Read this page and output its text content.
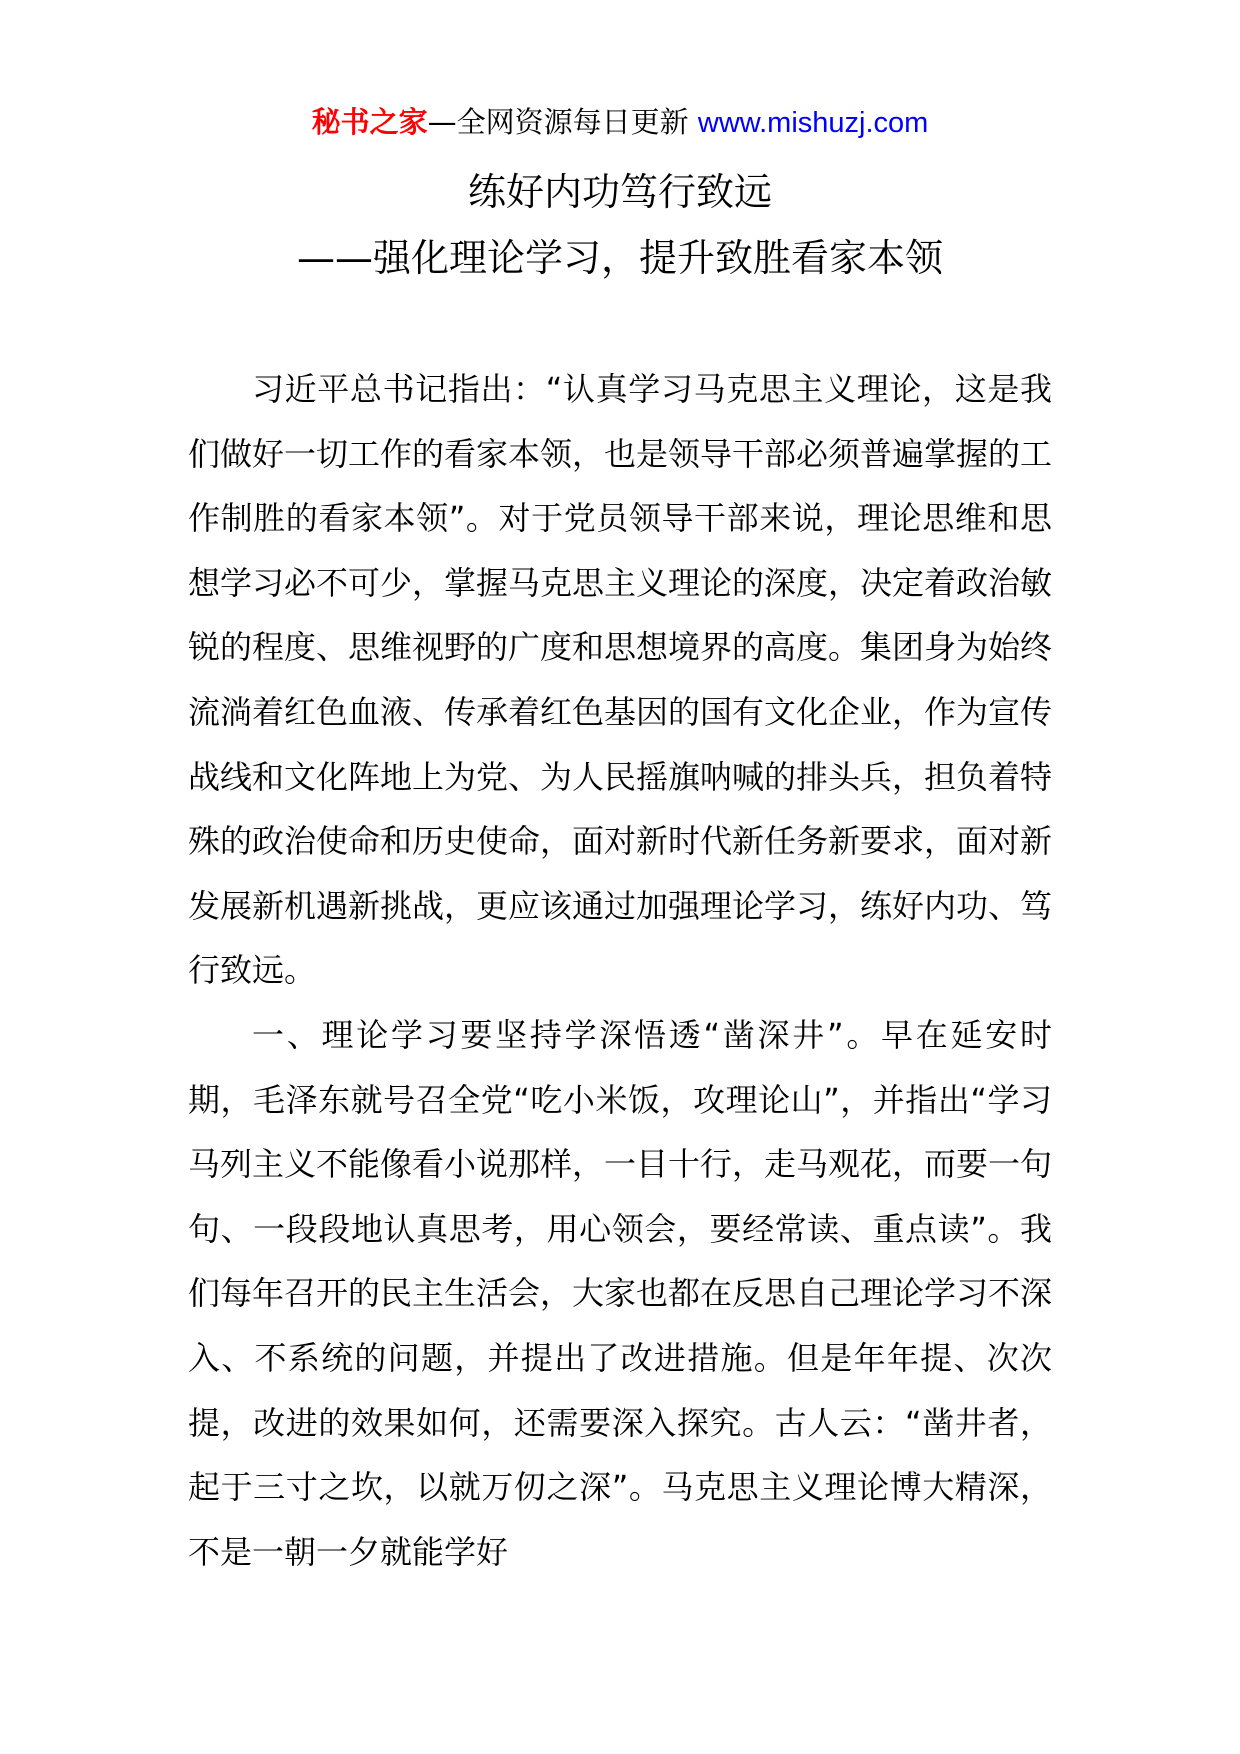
秘书之家—全网资源每日更新 www.mishuzj.com
练好内功笃行致远
——强化理论学习，提升致胜看家本领

习近平总书记指出：“认真学习马克思主义理论，这是我们做好一切工作的看家本领，也是领导干部必须普遍掌握的工作制胜的看家本领”。对于党员领导干部来说，理论思维和思想学习必不可少，掌握马克思主义理论的深度，决定着政治敏锐的程度、思维视野的广度和思想境界的高度。集团身为始终流淌着红色血液、传承着红色基因的国有文化企业，作为宣传战线和文化阵地上为党、为人民摇旗呐喊的排头兵，担负着特殊的政治使命和历史使命，面对新时代新任务新要求，面对新发展新机遇新挑战，更应该通过加强理论学习，练好内功、笃行致远。

一、理论学习要坚持学深悟透“凿深井”。早在延安时期，毛泽东就号召全党“吃小米饭，攻理论山”，并指出“学习马列主义不能像看小说那样，一目十行，走马观花，而要一句句、一段段地认真思考，用心领会，要经常读、重点读”。我们每年召开的民主生活会，大家也都在反思自己理论学习不深入、不系统的问题，并提出了改进措施。但是年年提、次次提，改进的效果如何，还需要深入探究。古人云：“凿井者，起于三寸之坎，以就万仞之深”。马克思主义理论博大精深，不是一朝一夕就能学好
